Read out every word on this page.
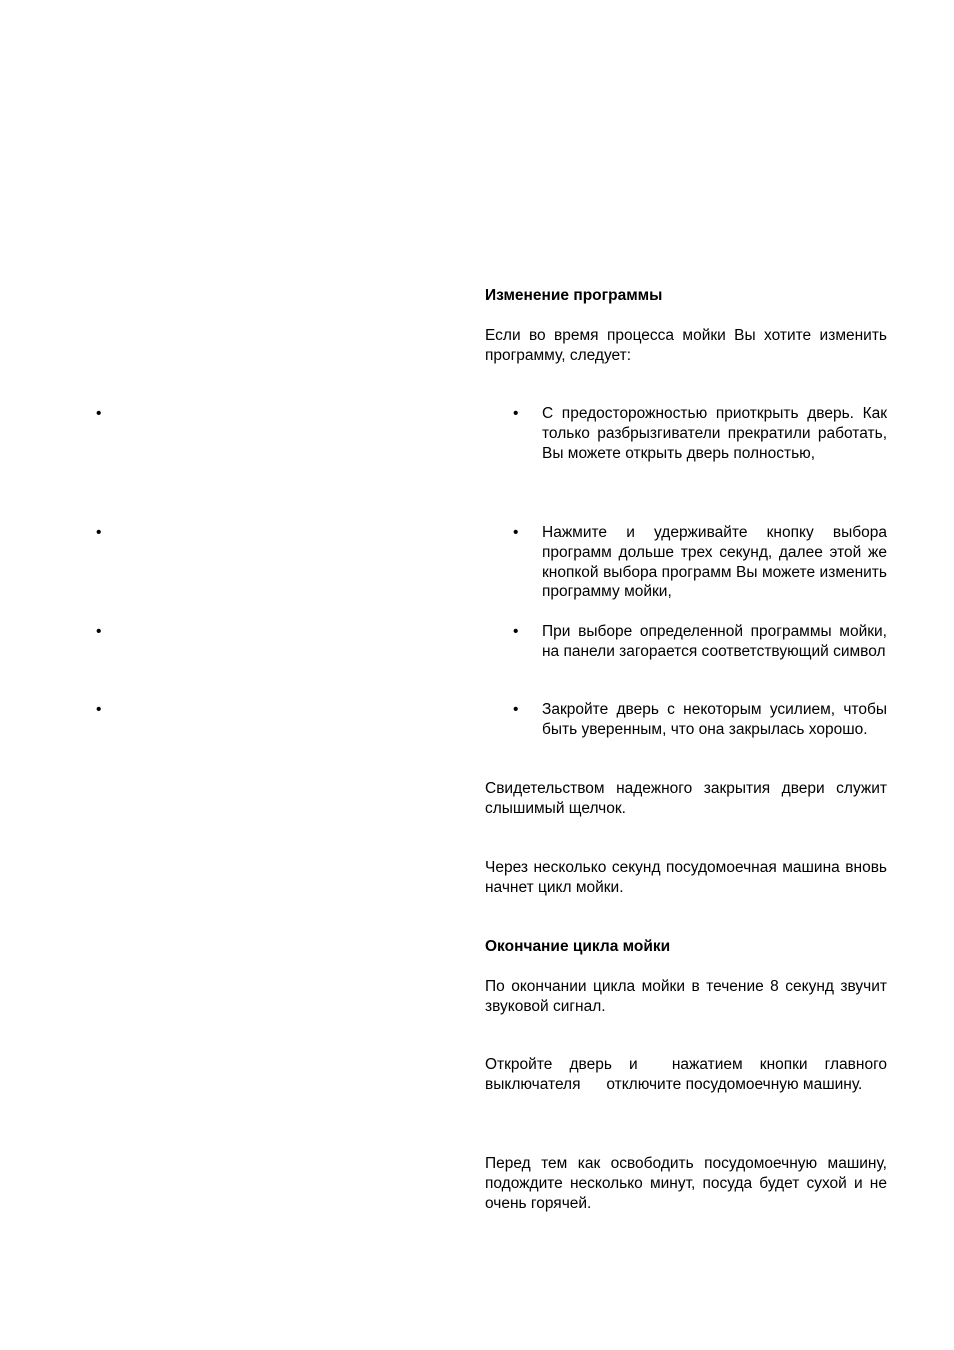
•
•
•
•
Изменение программы
Если во время процесса мойки Вы хотите изменить программу, следует:
• С предосторожностью приоткрыть дверь. Как только разбрызгиватели прекратили работать, Вы можете открыть дверь полностью,
• Нажмите и удерживайте кнопку выбора программ дольше трех секунд, далее этой же кнопкой выбора программ Вы можете изменить программу мойки,
• При выборе определенной программы мойки, на панели загорается соответствующий символ
• Закройте дверь с некоторым усилием, чтобы быть уверенным, что она закрылась хорошо.
Свидетельством надежного закрытия двери служит слышимый щелчок.
Через несколько секунд посудомоечная машина вновь начнет цикл мойки.
Окончание цикла мойки
По окончании цикла мойки в течение 8 секунд звучит звуковой сигнал.
Откройте дверь и  нажатием кнопки главного выключателя      отключите посудомоечную машину.
Перед тем как освободить посудомоечную машину, подождите несколько минут, посуда будет сухой и не очень горячей.
